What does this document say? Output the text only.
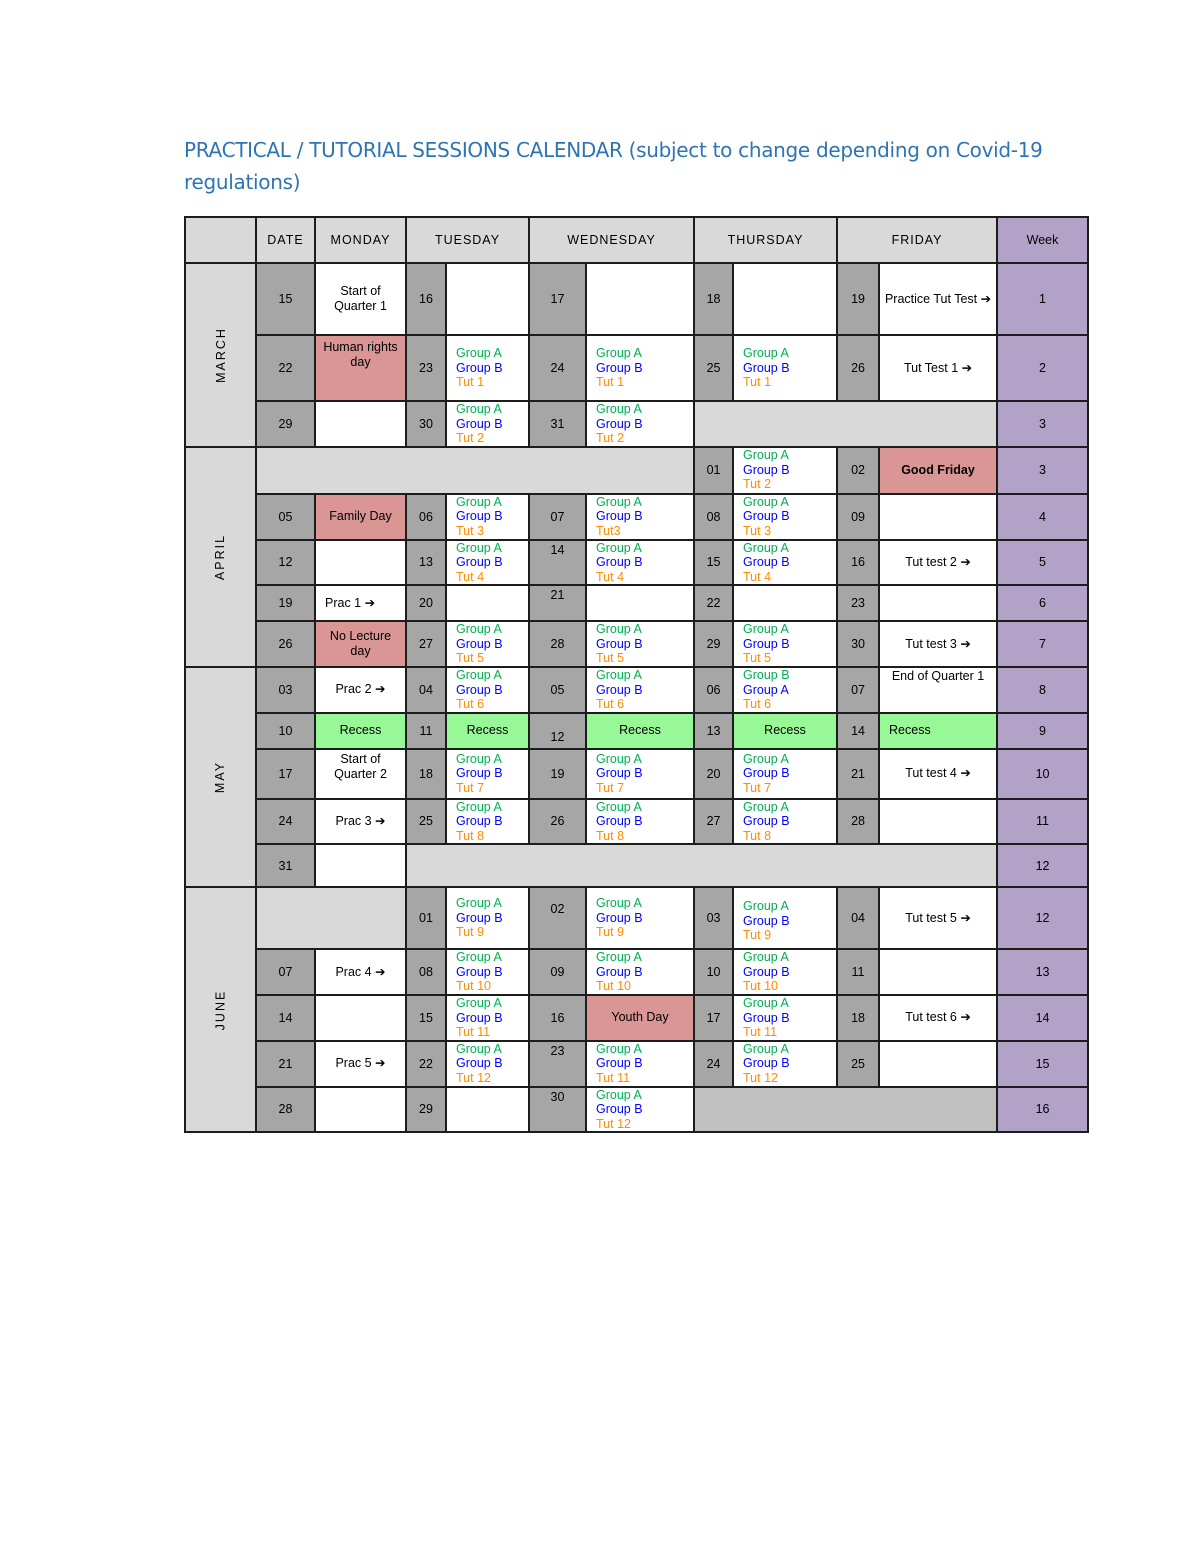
PRACTICAL / TUTORIAL SESSIONS CALENDAR (subject to change depending on Covid-19 regulations)
	DATE	MONDAY	TUESDAY		WEDNESDAY		THURSDAY		FRIDAY		Week
MARCH	15	Start of Quarter 1	16		17		18		19	Practice Tut Test ➔	1
	22	Human rights day	23	Group A
Group B
Tut 1	24	Group A
Group B
Tut 1	25	Group A
Group B
Tut 1	26	Tut Test 1 ➔	2
	29		30	Group A
Group B
Tut 2	31	Group A
Group B
Tut 2					3
APRIL							01	Group A
Group B
Tut 2	02	Good Friday	3
	05	Family Day	06	Group A
Group B
Tut 3	07	Group A
Group B
Tut3	08	Group A
Group B
Tut 3	09		4
	12		13	Group A
Group B
Tut 4	14	Group A
Group B
Tut 4	15	Group A
Group B
Tut 4	16	Tut test 2 ➔	5
	19	Prac 1 ➔	20		21		22		23		6
	26	No Lecture day	27	Group A
Group B
Tut 5	28	Group A
Group B
Tut 5	29	Group A
Group B
Tut 5	30	Tut test 3 ➔	7
MAY	03	Prac 2 ➔	04	Group A
Group B
Tut 6	05	Group A
Group B
Tut 6	06	Group B
Group A
Tut 6	07	End of Quarter 1	8
	10	Recess	11	Recess	12	Recess	13	Recess	14	Recess	9
	17	Start of Quarter 2	18	Group A
Group B
Tut 7	19	Group A
Group B
Tut 7	20	Group A
Group B
Tut 7	21	Tut test 4 ➔	10
	24	Prac 3 ➔	25	Group A
Group B
Tut 8	26	Group A
Group B
Tut 8	27	Group A
Group B
Tut 8	28		11
	31										12
JUNE			01	Group A
Group B
Tut 9	02	Group A
Group B
Tut 9	03	Group A
Group B
Tut 9	04	Tut test 5 ➔	12
	07	Prac 4 ➔	08	Group A
Group B
Tut 10	09	Group A
Group B
Tut 10	10	Group A
Group B
Tut 10	11		13
	14		15	Group A
Group B
Tut 11	16	Youth Day	17	Group A
Group B
Tut 11	18	Tut test 6 ➔	14
	21	Prac 5 ➔	22	Group A
Group B
Tut 12	23	Group A
Group B
Tut 11	24	Group A
Group B
Tut 12	25		15
	28		29		30	Group A
Group B
Tut 12					16
